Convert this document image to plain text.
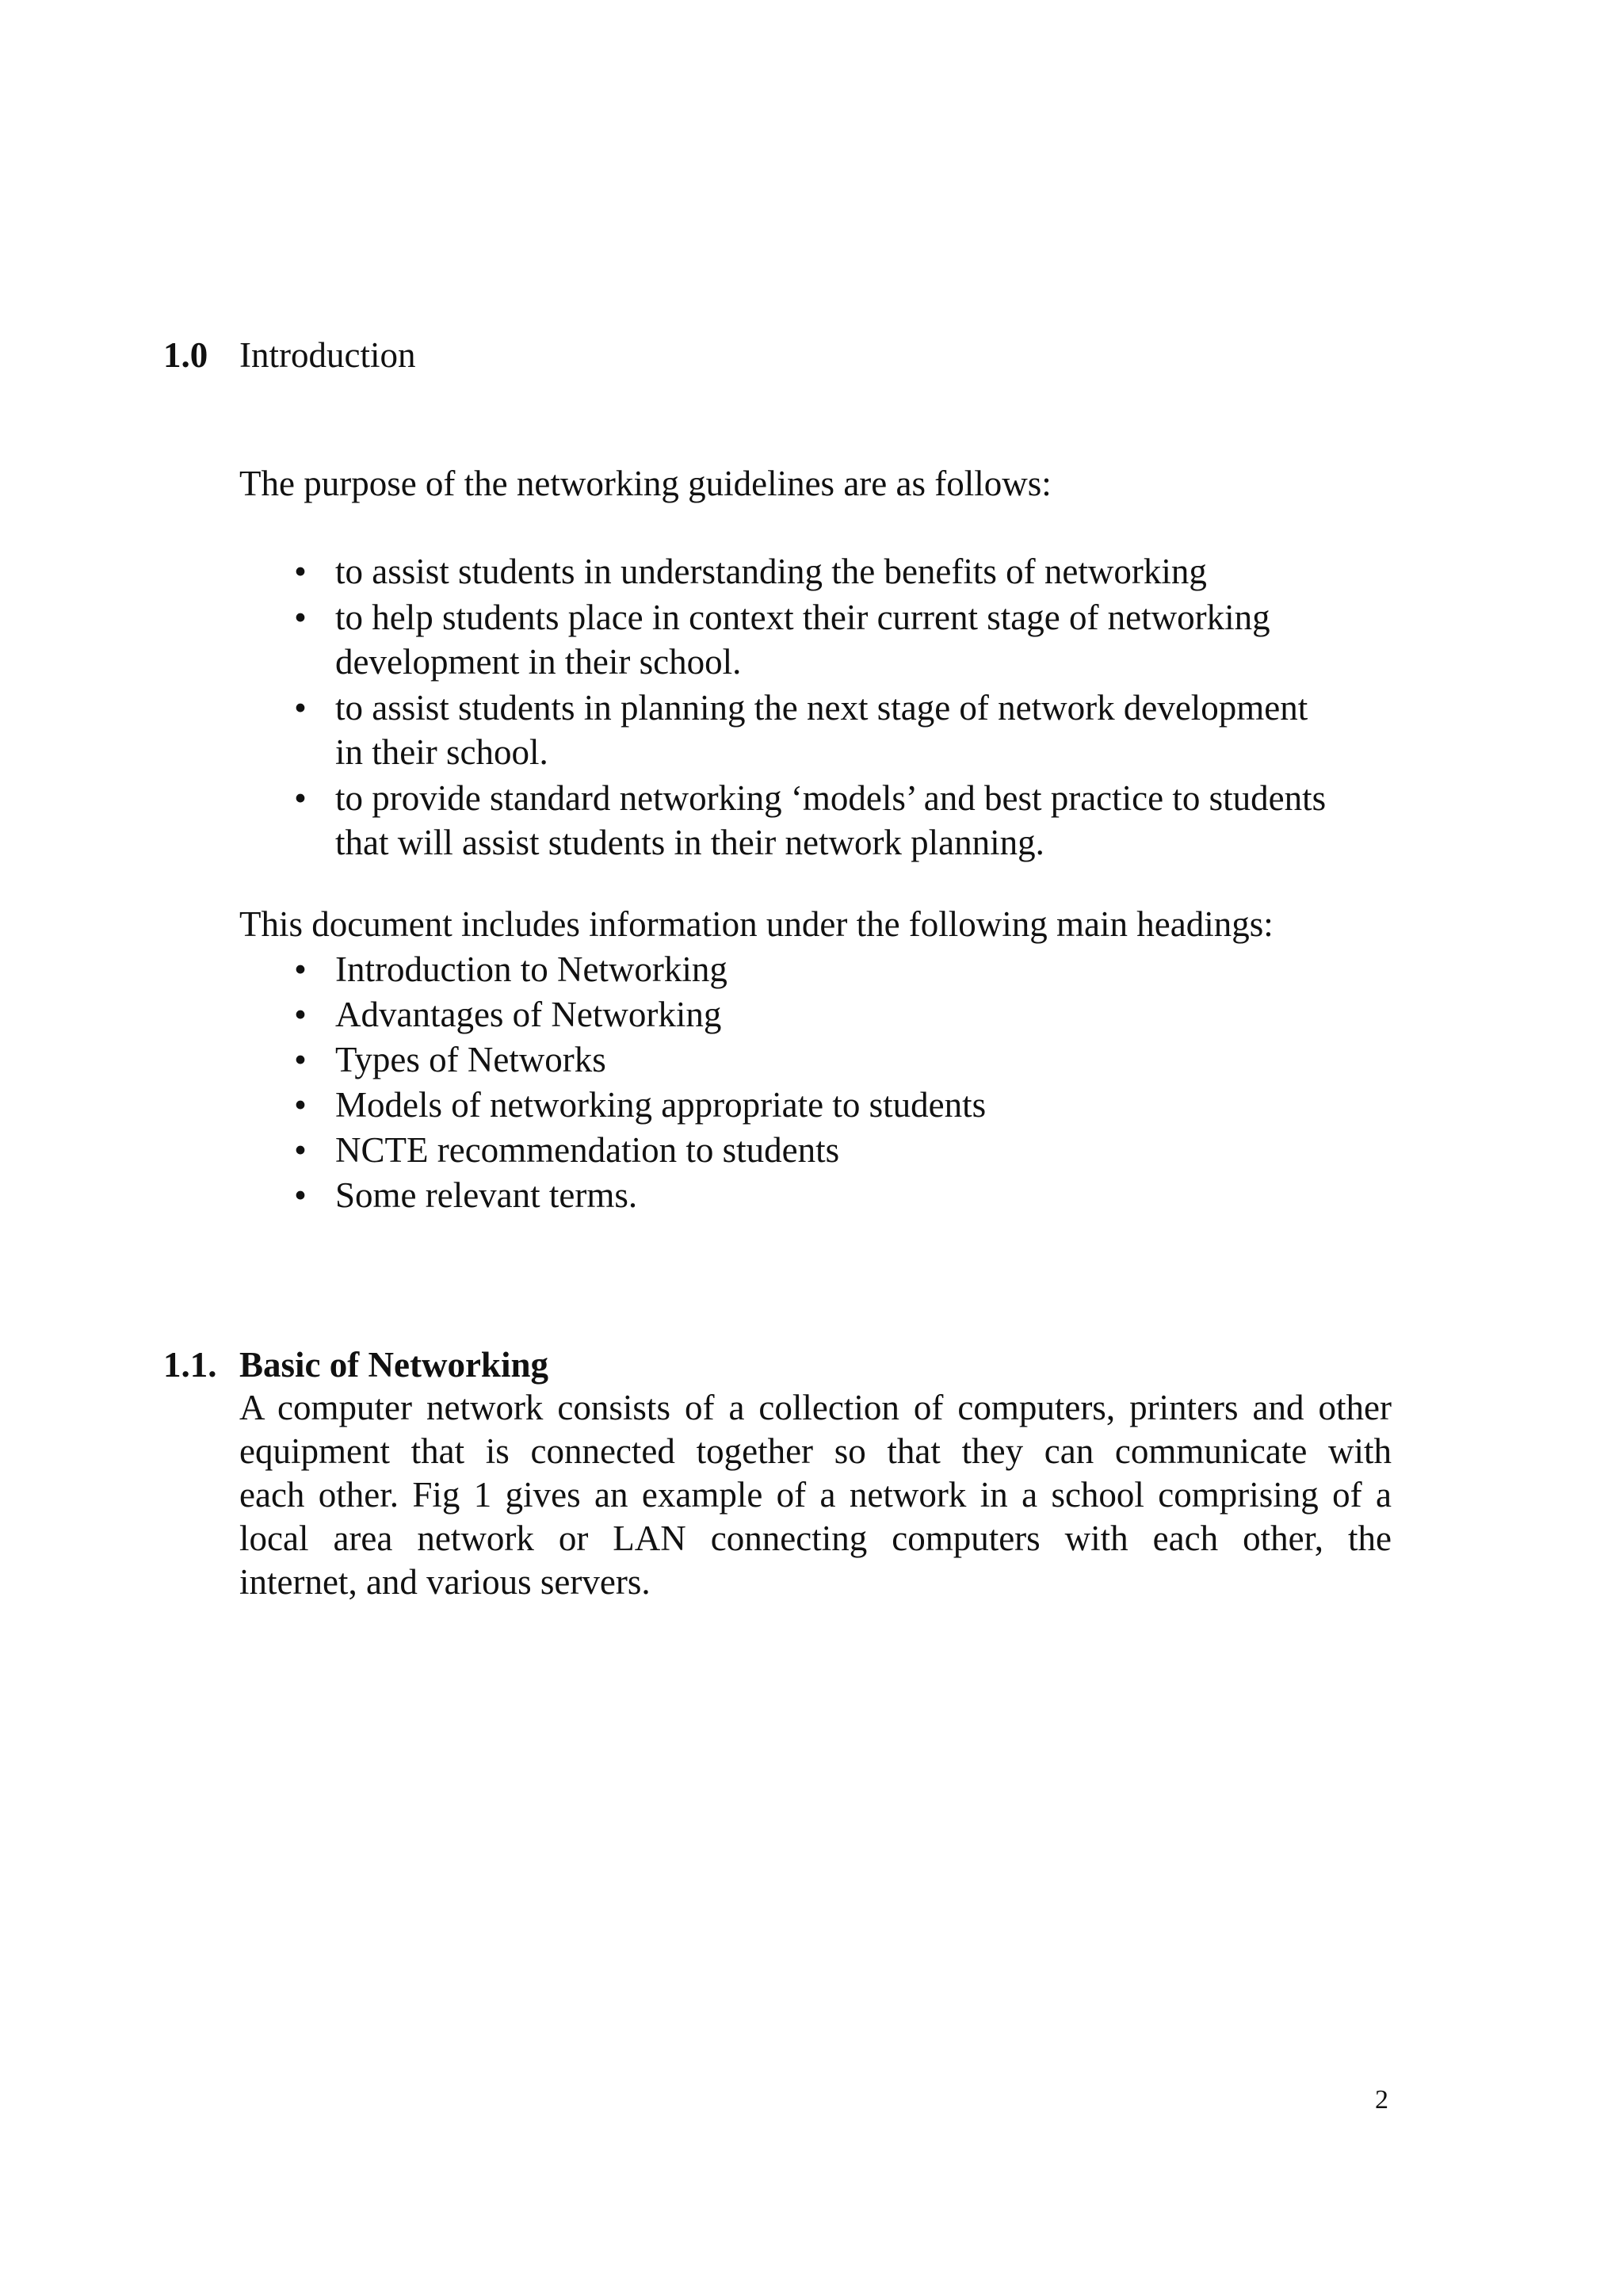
1.0 Introduction
The purpose of the networking guidelines are as follows:
• to assist students in understanding the benefits of networking
• to help students place in context their current stage of networking
development in their school.
• to assist students in planning the next stage of network development
in their school.
• to provide standard networking ‘models’ and best practice to students
that will assist students in their network planning.
This document includes information under the following main headings:
• Introduction to Networking
• Advantages of Networking
• Types of Networks
• Models of networking appropriate to students
• NCTE recommendation to students
• Some relevant terms.
1.1. Basic of Networking
A computer network consists of a collection of computers, printers and other
equipment that is connected together so that they can communicate with
each other. Fig 1 gives an example of a network in a school comprising of a
local area network or LAN connecting computers with each other, the
internet, and various servers.
2
